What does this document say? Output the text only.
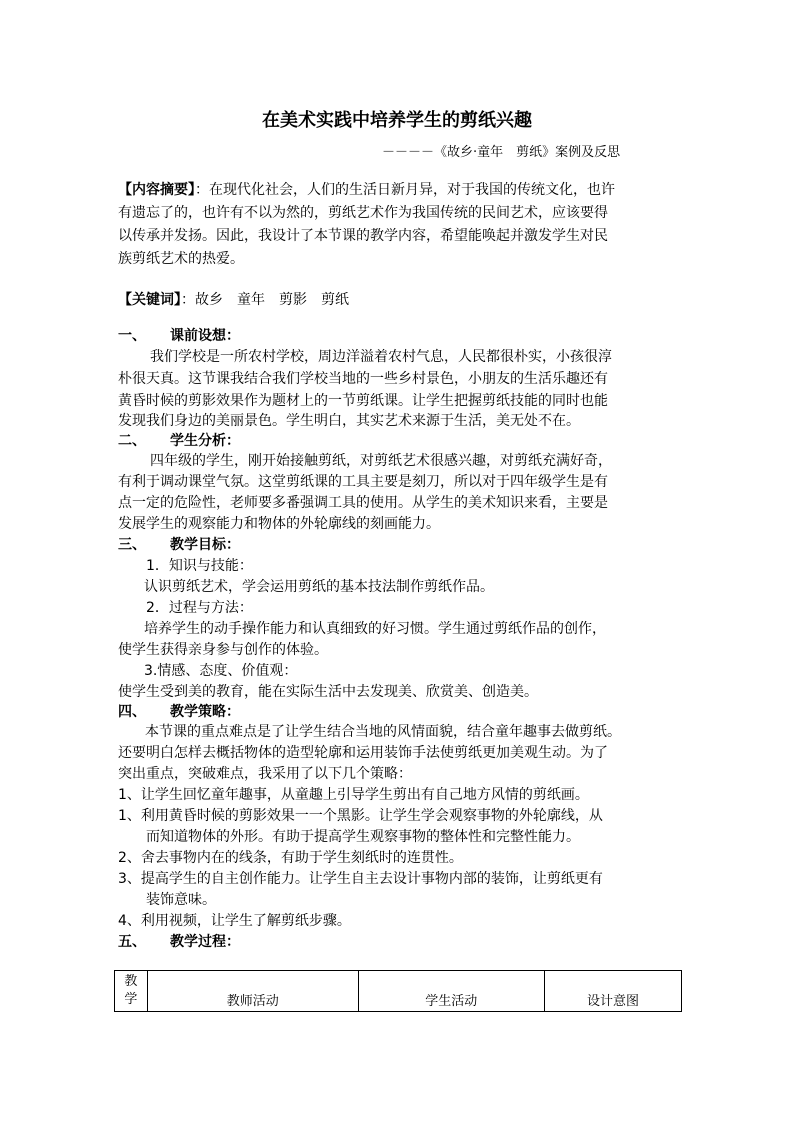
在美术实践中培养学生的剪纸兴趣
－－－－《故乡·童年　剪纸》案例及反思
【内容摘要】：在现代化社会，人们的生活日新月异，对于我国的传统文化，也许
有遗忘了的，也许有不以为然的，剪纸艺术作为我国传统的民间艺术，应该要得
以传承并发扬。因此，我设计了本节课的教学内容，希望能唤起并激发学生对民
族剪纸艺术的热爱。
【关键词】：故乡　童年　剪影　剪纸
一、 课前设想：
我们学校是一所农村学校，周边洋溢着农村气息，人民都很朴实，小孩很淳
朴很天真。这节课我结合我们学校当地的一些乡村景色，小朋友的生活乐趣还有
黄昏时候的剪影效果作为题材上的一节剪纸课。让学生把握剪纸技能的同时也能
发现我们身边的美丽景色。学生明白，其实艺术来源于生活，美无处不在。
二、 学生分析：
四年级的学生，刚开始接触剪纸，对剪纸艺术很感兴趣，对剪纸充满好奇，
有利于调动课堂气氛。这堂剪纸课的工具主要是刻刀，所以对于四年级学生是有
点一定的危险性，老师要多番强调工具的使用。从学生的美术知识来看，主要是
发展学生的观察能力和物体的外轮廓线的刻画能力。
三、 教学目标：
1．知识与技能：
认识剪纸艺术，学会运用剪纸的基本技法制作剪纸作品。
2．过程与方法：
培养学生的动手操作能力和认真细致的好习惯。学生通过剪纸作品的创作，
使学生获得亲身参与创作的体验。
3.情感、态度、价值观：
使学生受到美的教育，能在实际生活中去发现美、欣赏美、创造美。
四、 教学策略：
本节课的重点难点是了让学生结合当地的风情面貌，结合童年趣事去做剪纸。
还要明白怎样去概括物体的造型轮廓和运用装饰手法使剪纸更加美观生动。为了
突出重点，突破难点，我采用了以下几个策略：
1、让学生回忆童年趣事，从童趣上引导学生剪出有自己地方风情的剪纸画。
1、利用黄昏时候的剪影效果一一个黑影。让学生学会观察事物的外轮廓线，从
而知道物体的外形。有助于提高学生观察事物的整体性和完整性能力。
2、舍去事物内在的线条，有助于学生刻纸时的连贯性。
3、提高学生的自主创作能力。让学生自主去设计事物内部的装饰，让剪纸更有
装饰意味。
4、利用视频，让学生了解剪纸步骤。
五、 教学过程：
教
学	教师活动	学生活动	设计意图
